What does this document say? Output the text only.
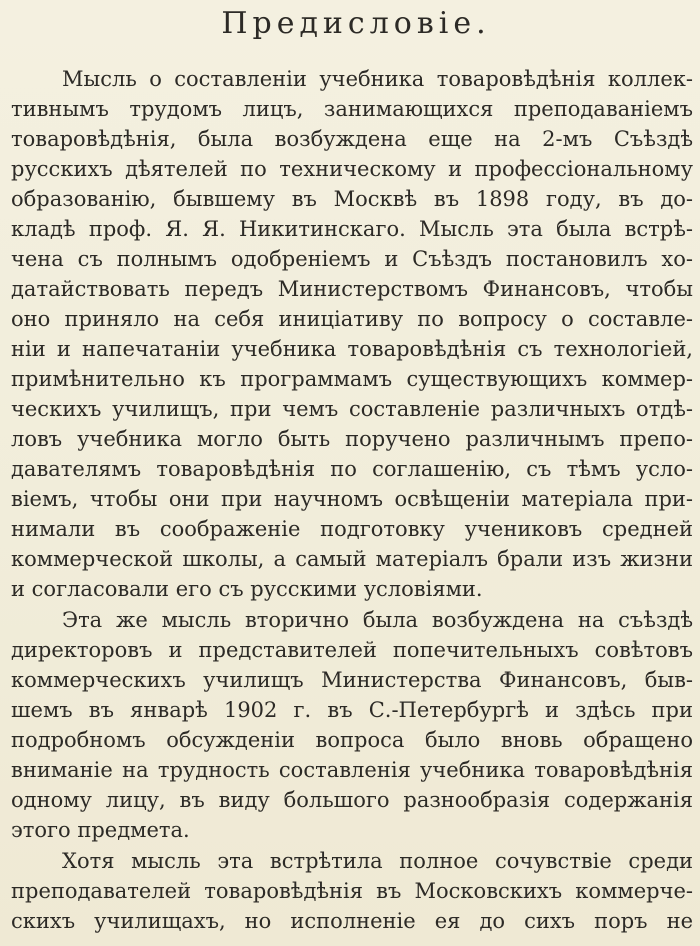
Предисловіе.
Мысль о составленіи учебника товаровѣдѣнія коллек-
тивнымъ трудомъ лицъ, занимающихся преподаваніемъ
товаровѣдѣнія, была возбуждена еще на 2-мъ Съѣздѣ
русскихъ дѣятелей по техническому и профессіональному
образованію, бывшему въ Москвѣ въ 1898 году, въ до-
кладѣ проф. Я. Я. Никитинскаго. Мысль эта была встрѣ-
чена съ полнымъ одобреніемъ и Съѣздъ постановилъ хо-
датайствовать передъ Министерствомъ Финансовъ, чтобы
оно приняло на себя иниціативу по вопросу о составле-
ніи и напечатаніи учебника товаровѣдѣнія съ технологіей,
примѣнительно къ программамъ существующихъ коммер-
ческихъ училищъ, при чемъ составленіе различныхъ отдѣ-
ловъ учебника могло быть поручено различнымъ препо-
давателямъ товаровѣдѣнія по соглашенію, съ тѣмъ усло-
віемъ, чтобы они при научномъ освѣщеніи матеріала при-
нимали въ соображеніе подготовку учениковъ средней
коммерческой школы, а самый матеріалъ брали изъ жизни
и согласовали его съ русскими условіями.
Эта же мысль вторично была возбуждена на съѣздѣ
директоровъ и представителей попечительныхъ совѣтовъ
коммерческихъ училищъ Министерства Финансовъ, быв-
шемъ въ январѣ 1902 г. въ С.-Петербургѣ и здѣсь при
подробномъ обсужденіи вопроса было вновь обращено
вниманіе на трудность составленія учебника товаровѣдѣнія
одному лицу, въ виду большого разнообразія содержанія
этого предмета.
Хотя мысль эта встрѣтила полное сочувствіе среди
преподавателей товаровѣдѣнія въ Московскихъ коммерче-
скихъ училищахъ, но исполненіе ея до сихъ поръ не
